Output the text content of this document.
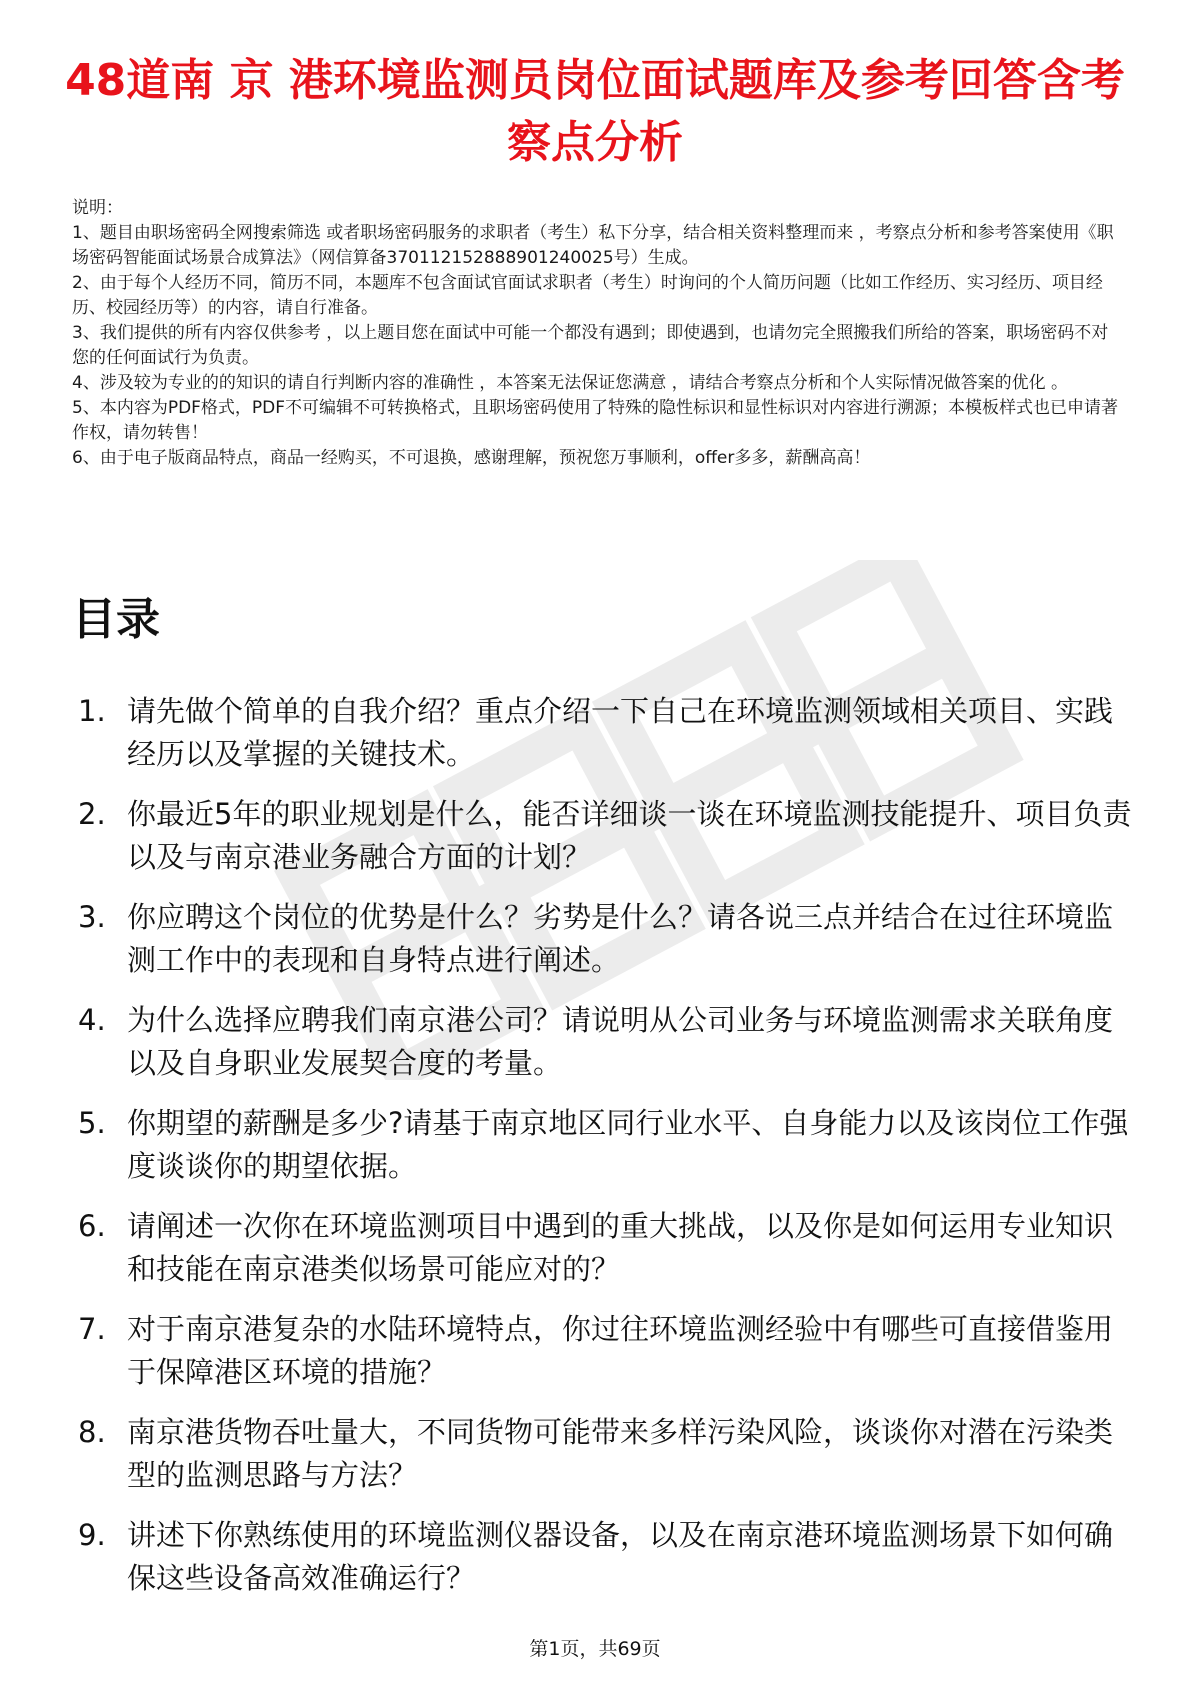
48道南 京 港环境监测员岗位面试题库及参考回答含考察点分析
说明：
1、题目由职场密码全网搜索筛选 或者职场密码服务的求职者（考生）私下分享，结合相关资料整理而来 ，考察点分析和参考答案使用《职场密码智能面试场景合成算法》（网信算备370112152888901240025号）生成。
2、由于每个人经历不同，简历不同，本题库不包含面试官面试求职者（考生）时询问的个人简历问题（比如工作经历、实习经历、项目经历、校园经历等）的内容，请自行准备。
3、我们提供的所有内容仅供参考 ，以上题目您在面试中可能一个都没有遇到；即使遇到，也请勿完全照搬我们所给的答案，职场密码不对您的任何面试行为负责。
4、涉及较为专业的的知识的请自行判断内容的准确性 ，本答案无法保证您满意 ，请结合考察点分析和个人实际情况做答案的优化 。
5、本内容为PDF格式，PDF不可编辑不可转换格式，且职场密码使用了特殊的隐性标识和显性标识对内容进行溯源；本模板样式也已申请著作权，请勿转售！
6、由于电子版商品特点，商品一经购买，不可退换，感谢理解，预祝您万事顺利，offer多多，薪酬高高！
目录
1. 请先做个简单的自我介绍？重点介绍一下自己在环境监测领域相关项目、实践经历以及掌握的关键技术。
2. 你最近5年的职业规划是什么，能否详细谈一谈在环境监测技能提升、项目负责以及与南京港业务融合方面的计划？
3. 你应聘这个岗位的优势是什么？劣势是什么？请各说三点并结合在过往环境监测工作中的表现和自身特点进行阐述。
4. 为什么选择应聘我们南京港公司？请说明从公司业务与环境监测需求关联角度以及自身职业发展契合度的考量。
5. 你期望的薪酬是多少?请基于南京地区同行业水平、自身能力以及该岗位工作强度谈谈你的期望依据。
6. 请阐述一次你在环境监测项目中遇到的重大挑战，以及你是如何运用专业知识和技能在南京港类似场景可能应对的？
7. 对于南京港复杂的水陆环境特点，你过往环境监测经验中有哪些可直接借鉴用于保障港区环境的措施？
8. 南京港货物吞吐量大，不同货物可能带来多样污染风险，谈谈你对潜在污染类型的监测思路与方法？
9. 讲述下你熟练使用的环境监测仪器设备，以及在南京港环境监测场景下如何确保这些设备高效准确运行？
第1页，共69页
